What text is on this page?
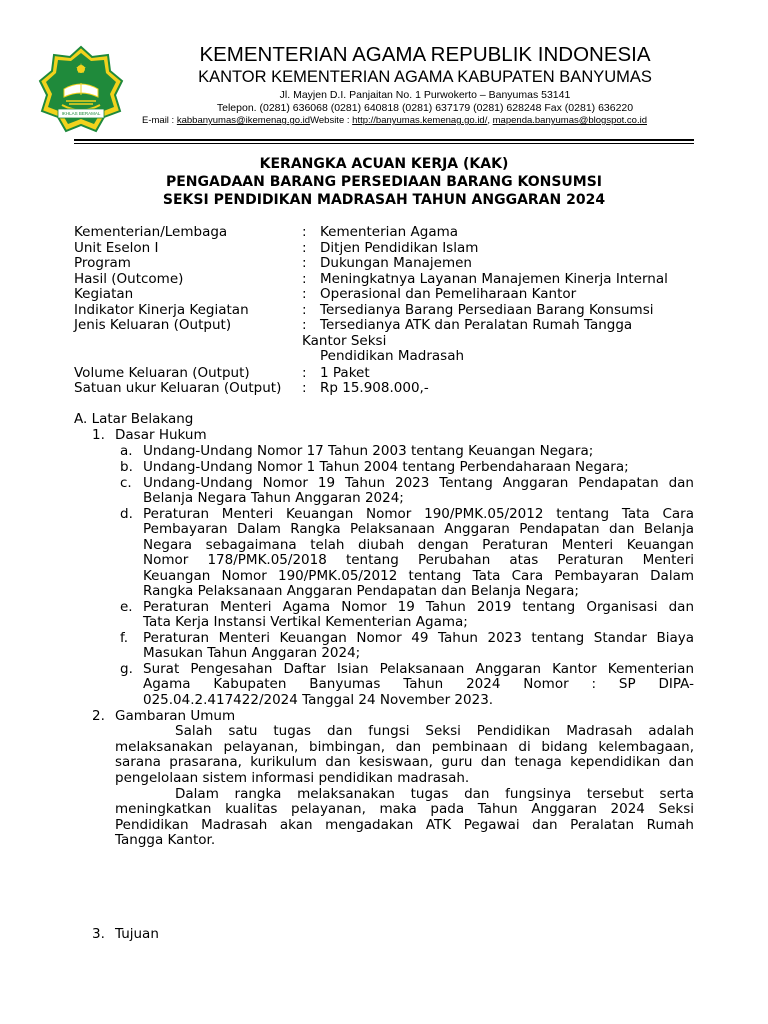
IKHLAS BERAMAL
KEMENTERIAN AGAMA REPUBLIK INDONESIA
KANTOR KEMENTERIAN AGAMA KABUPATEN BANYUMAS
Jl. Mayjen D.I. Panjaitan No. 1 Purwokerto – Banyumas 53141
Telepon. (0281) 636068 (0281) 640818 (0281) 637179 (0281) 628248 Fax (0281) 636220
E-mail : kabbanyumas@ikemenag.go.idWebsite : http://banyumas.kemenag.go.id/, mapenda.banyumas@blogspot.co.id
KERANGKA ACUAN KERJA (KAK)
PENGADAAN BARANG PERSEDIAAN BARANG KONSUMSI
SEKSI PENDIDIKAN MADRASAH TAHUN ANGGARAN 2024
Kementerian/Lembaga	: Kementerian Agama
Unit Eselon I	: Ditjen Pendidikan Islam
Program	: Dukungan Manajemen
Hasil (Outcome)	: Meningkatnya Layanan Manajemen Kinerja Internal
Kegiatan	: Operasional dan Pemeliharaan Kantor
Indikator Kinerja Kegiatan	: Tersedianya Barang Persediaan Barang Konsumsi
Jenis Keluaran (Output)	: Tersedianya ATK dan Peralatan Rumah Tangga
Kantor Seksi
Pendidikan Madrasah
Volume Keluaran (Output)	: 1 Paket
Satuan ukur Keluaran (Output) : Rp 15.908.000,-
A. Latar Belakang
1. Dasar Hukum
a. Undang-Undang Nomor 17 Tahun 2003 tentang Keuangan Negara;
b. Undang-Undang Nomor 1 Tahun 2004 tentang Perbendaharaan Negara;
c. Undang-Undang Nomor 19 Tahun 2023 Tentang Anggaran Pendapatan dan
Belanja Negara Tahun Anggaran 2024;
d. Peraturan Menteri Keuangan Nomor 190/PMK.05/2012 tentang Tata Cara
Pembayaran Dalam Rangka Pelaksanaan Anggaran Pendapatan dan Belanja
Negara sebagaimana telah diubah dengan Peraturan Menteri Keuangan
Nomor 178/PMK.05/2018 tentang Perubahan atas Peraturan Menteri
Keuangan Nomor 190/PMK.05/2012 tentang Tata Cara Pembayaran Dalam
Rangka Pelaksanaan Anggaran Pendapatan dan Belanja Negara;
e. Peraturan Menteri Agama Nomor 19 Tahun 2019 tentang Organisasi dan
Tata Kerja Instansi Vertikal Kementerian Agama;
f. Peraturan Menteri Keuangan Nomor 49 Tahun 2023 tentang Standar Biaya
Masukan Tahun Anggaran 2024;
g. Surat Pengesahan Daftar Isian Pelaksanaan Anggaran Kantor Kementerian
Agama Kabupaten Banyumas Tahun 2024 Nomor : SP DIPA-
025.04.2.417422/2024 Tanggal 24 November 2023.
2. Gambaran Umum
Salah satu tugas dan fungsi Seksi Pendidikan Madrasah adalah
melaksanakan pelayanan, bimbingan, dan pembinaan di bidang kelembagaan,
sarana prasarana, kurikulum dan kesiswaan, guru dan tenaga kependidikan dan
pengelolaan sistem informasi pendidikan madrasah.
Dalam rangka melaksanakan tugas dan fungsinya tersebut serta
meningkatkan kualitas pelayanan, maka pada Tahun Anggaran 2024 Seksi
Pendidikan Madrasah akan mengadakan ATK Pegawai dan Peralatan Rumah
Tangga Kantor.
3. Tujuan
